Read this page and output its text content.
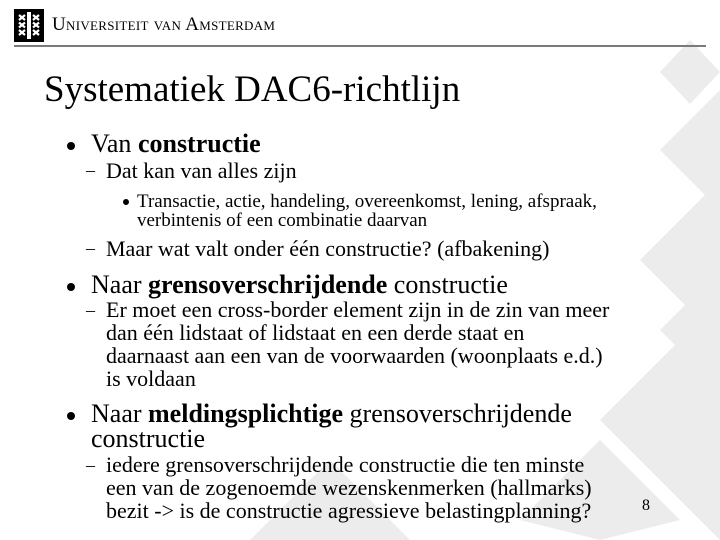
Universiteit van Amsterdam
Systematiek DAC6-richtlijn
Van constructie
– Dat kan van alles zijn
Transactie, actie, handeling, overeenkomst, lening, afspraak,
verbintenis of een combinatie daarvan
– Maar wat valt onder één constructie? (afbakening)
Naar grensoverschrijdende constructie
– Er moet een cross-border element zijn in de zin van meer
dan één lidstaat of lidstaat en een derde staat en
daarnaast aan een van de voorwaarden (woonplaats e.d.)
is voldaan
Naar meldingsplichtige grensoverschrijdende
constructie
– iedere grensoverschrijdende constructie die ten minste
een van de zogenoemde wezenskenmerken (hallmarks)
bezit -> is de constructie agressieve belastingplanning?	8
